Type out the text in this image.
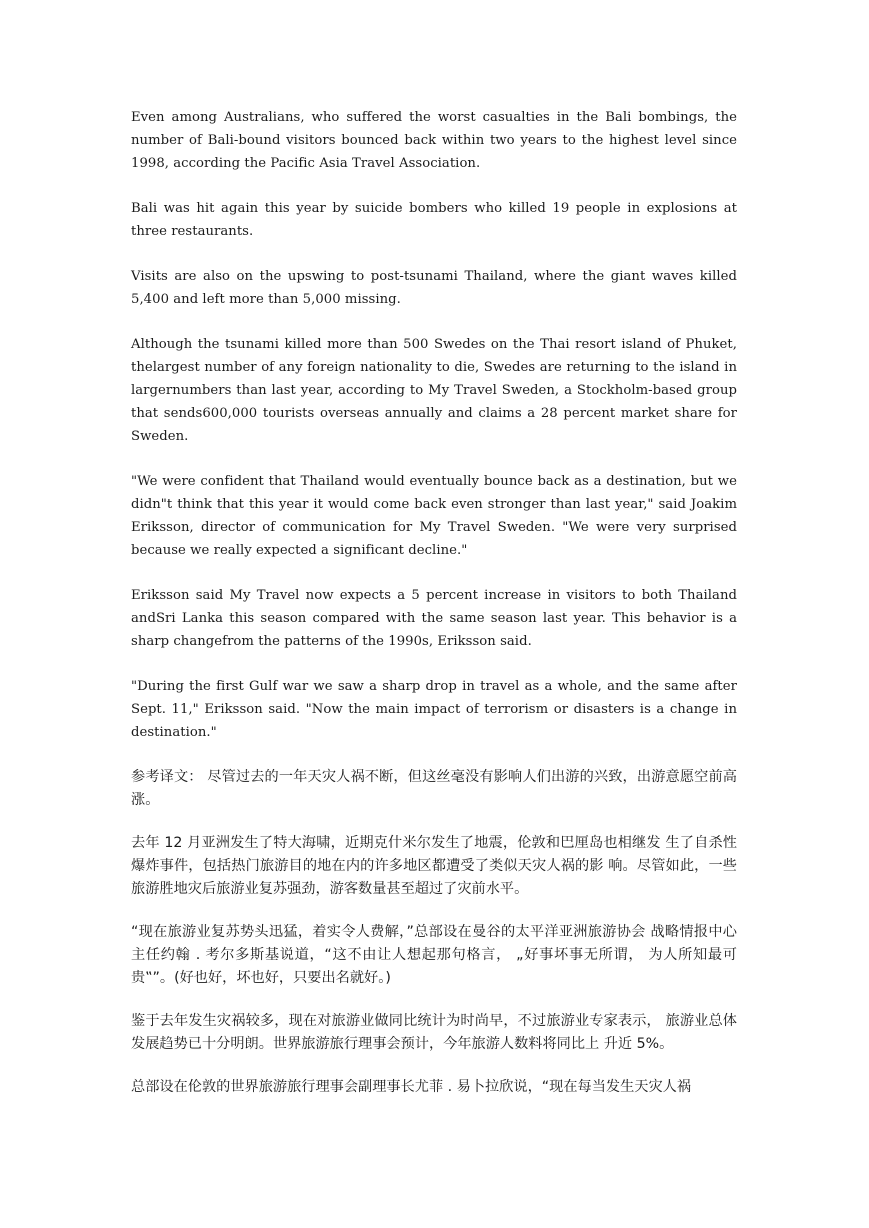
Even among Australians, who suffered the worst casualties in the Bali bombings, the number of Bali-bound visitors bounced back within two years to the highest level since 1998, according the Pacific Asia Travel Association.

Bali was hit again this year by suicide bombers who killed 19 people in explosions at three restaurants.

Visits are also on the upswing to post-tsunami Thailand, where the giant waves killed 5,400 and left more than 5,000 missing.

Although the tsunami killed more than 500 Swedes on the Thai resort island of Phuket, thelargest number of any foreign nationality to die, Swedes are returning to the island in largernumbers than last year, according to My Travel Sweden, a Stockholm-based group that sends600,000 tourists overseas annually and claims a 28 percent market share for Sweden.

"We were confident that Thailand would eventually bounce back as a destination, but we didn"t think that this year it would come back even stronger than last year," said Joakim Eriksson, director of communication for My Travel Sweden. "We were very surprised because we really expected a significant decline."

Eriksson said My Travel now expects a 5 percent increase in visitors to both Thailand andSri Lanka this season compared with the same season last year. This behavior is a sharp changefrom the patterns of the 1990s, Eriksson said.

"During the first Gulf war we saw a sharp drop in travel as a whole, and the same after Sept. 11," Eriksson said. "Now the main impact of terrorism or disasters is a change in destination."

参考译文： 尽管过去的一年天灾人祸不断，但这丝毫没有影响人们出游的兴致，出游意愿空前高涨。

去年 12 月亚洲发生了特大海啸，近期克什米尔发生了地震，伦敦和巴厘岛也相继发 生了自杀性爆炸事件，包括热门旅游目的地在内的许多地区都遭受了类似天灾人祸的影 响。尽管如此，一些旅游胜地灾后旅游业复苏强劲，游客数量甚至超过了灾前水平。

“现在旅游业复苏势头迅猛，着实令人费解，”总部设在曼谷的太平洋亚洲旅游协会 战略情报中心主任约翰 . 考尔多斯基说道，“这不由让人想起那句格言， „好事坏事无所谓， 为人所知最可贵‟”。(好也好，坏也好，只要出名就好。)

鉴于去年发生灾祸较多，现在对旅游业做同比统计为时尚早，不过旅游业专家表示， 旅游业总体发展趋势已十分明朗。世界旅游旅行理事会预计，今年旅游人数料将同比上 升近 5%。

总部设在伦敦的世界旅游旅行理事会副理事长尤菲 . 易卜拉欣说，“现在每当发生天灾人祸
